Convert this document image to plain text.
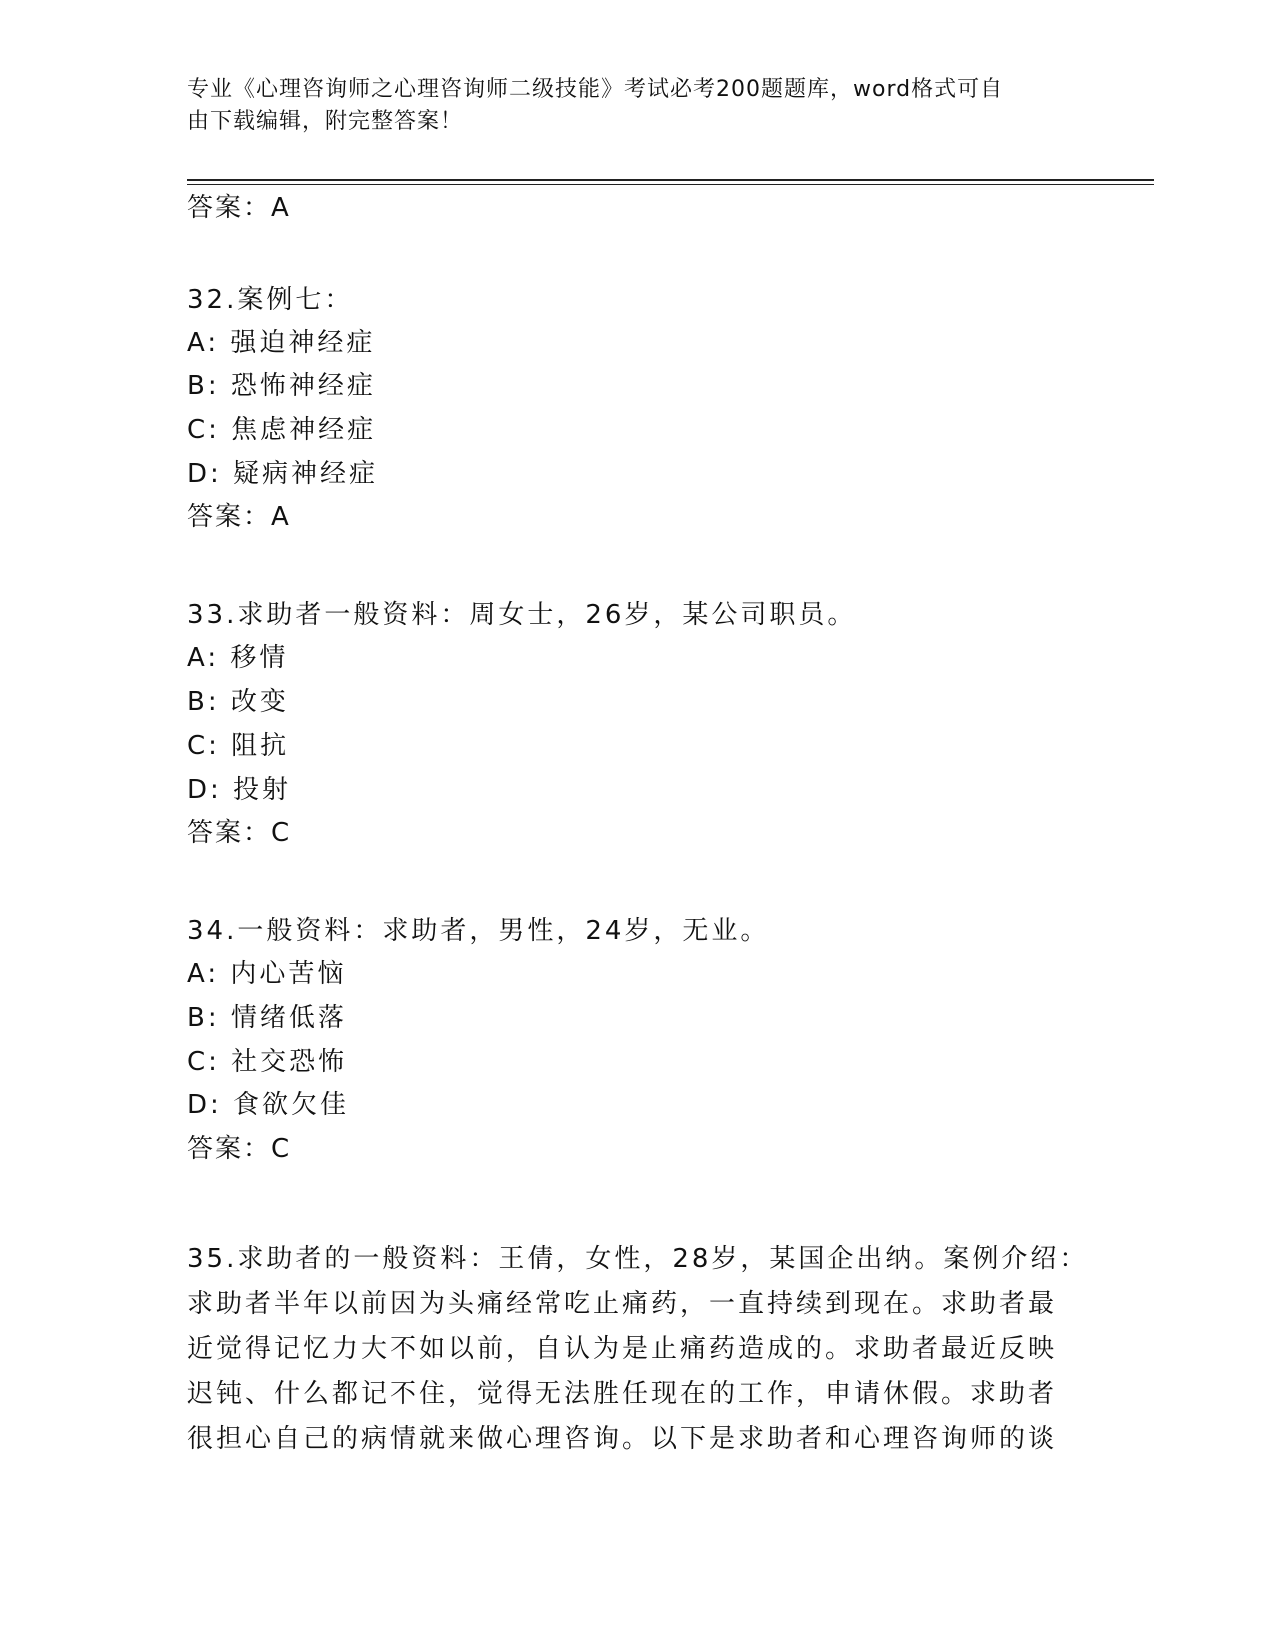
专业《心理咨询师之心理咨询师二级技能》考试必考200题题库，word格式可自
由下载编辑，附完整答案！
答案：A
32.案例七：
A: 强迫神经症
B: 恐怖神经症
C: 焦虑神经症
D: 疑病神经症
答案：A
33.求助者一般资料：周女士，26岁，某公司职员。
A: 移情
B: 改变
C: 阻抗
D: 投射
答案：C
34.一般资料：求助者，男性，24岁，无业。
A: 内心苦恼
B: 情绪低落
C: 社交恐怖
D: 食欲欠佳
答案：C
35.求助者的一般资料：王倩，女性，28岁，某国企出纳。案例介绍：
求助者半年以前因为头痛经常吃止痛药，一直持续到现在。求助者最
近觉得记忆力大不如以前，自认为是止痛药造成的。求助者最近反映
迟钝、什么都记不住，觉得无法胜任现在的工作，申请休假。求助者
很担心自己的病情就来做心理咨询。以下是求助者和心理咨询师的谈
